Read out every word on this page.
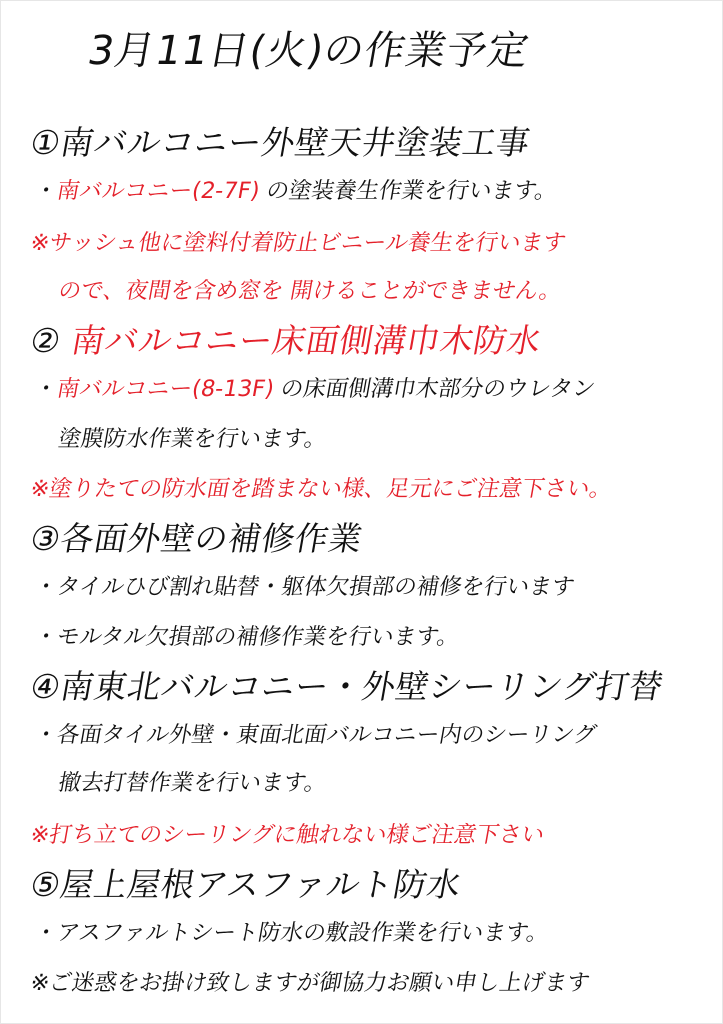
3月11日(火)の作業予定
①南バルコニー外壁天井塗装工事
・南バルコニー(2-7F) の塗装養生作業を行います。
※サッシュ他に塗料付着防止ビニール養生を行います
ので、夜間を含め窓を 開けることができません。
② 南バルコニー床面側溝巾木防水
・南バルコニー(8-13F) の床面側溝巾木部分のウレタン
塗膜防水作業を行います。
※塗りたての防水面を踏まない様、足元にご注意下さい。
③各面外壁の補修作業
・タイルひび割れ貼替・躯体欠損部の補修を行います
・モルタル欠損部の補修作業を行います。
④南東北バルコニー・外壁シーリング打替
・各面タイル外壁・東面北面バルコニー内のシーリング
撤去打替作業を行います。
※打ち立てのシーリングに触れない様ご注意下さい
⑤屋上屋根アスファルト防水
・アスファルトシート防水の敷設作業を行います。
※ご迷惑をお掛け致しますが御協力お願い申し上げます
